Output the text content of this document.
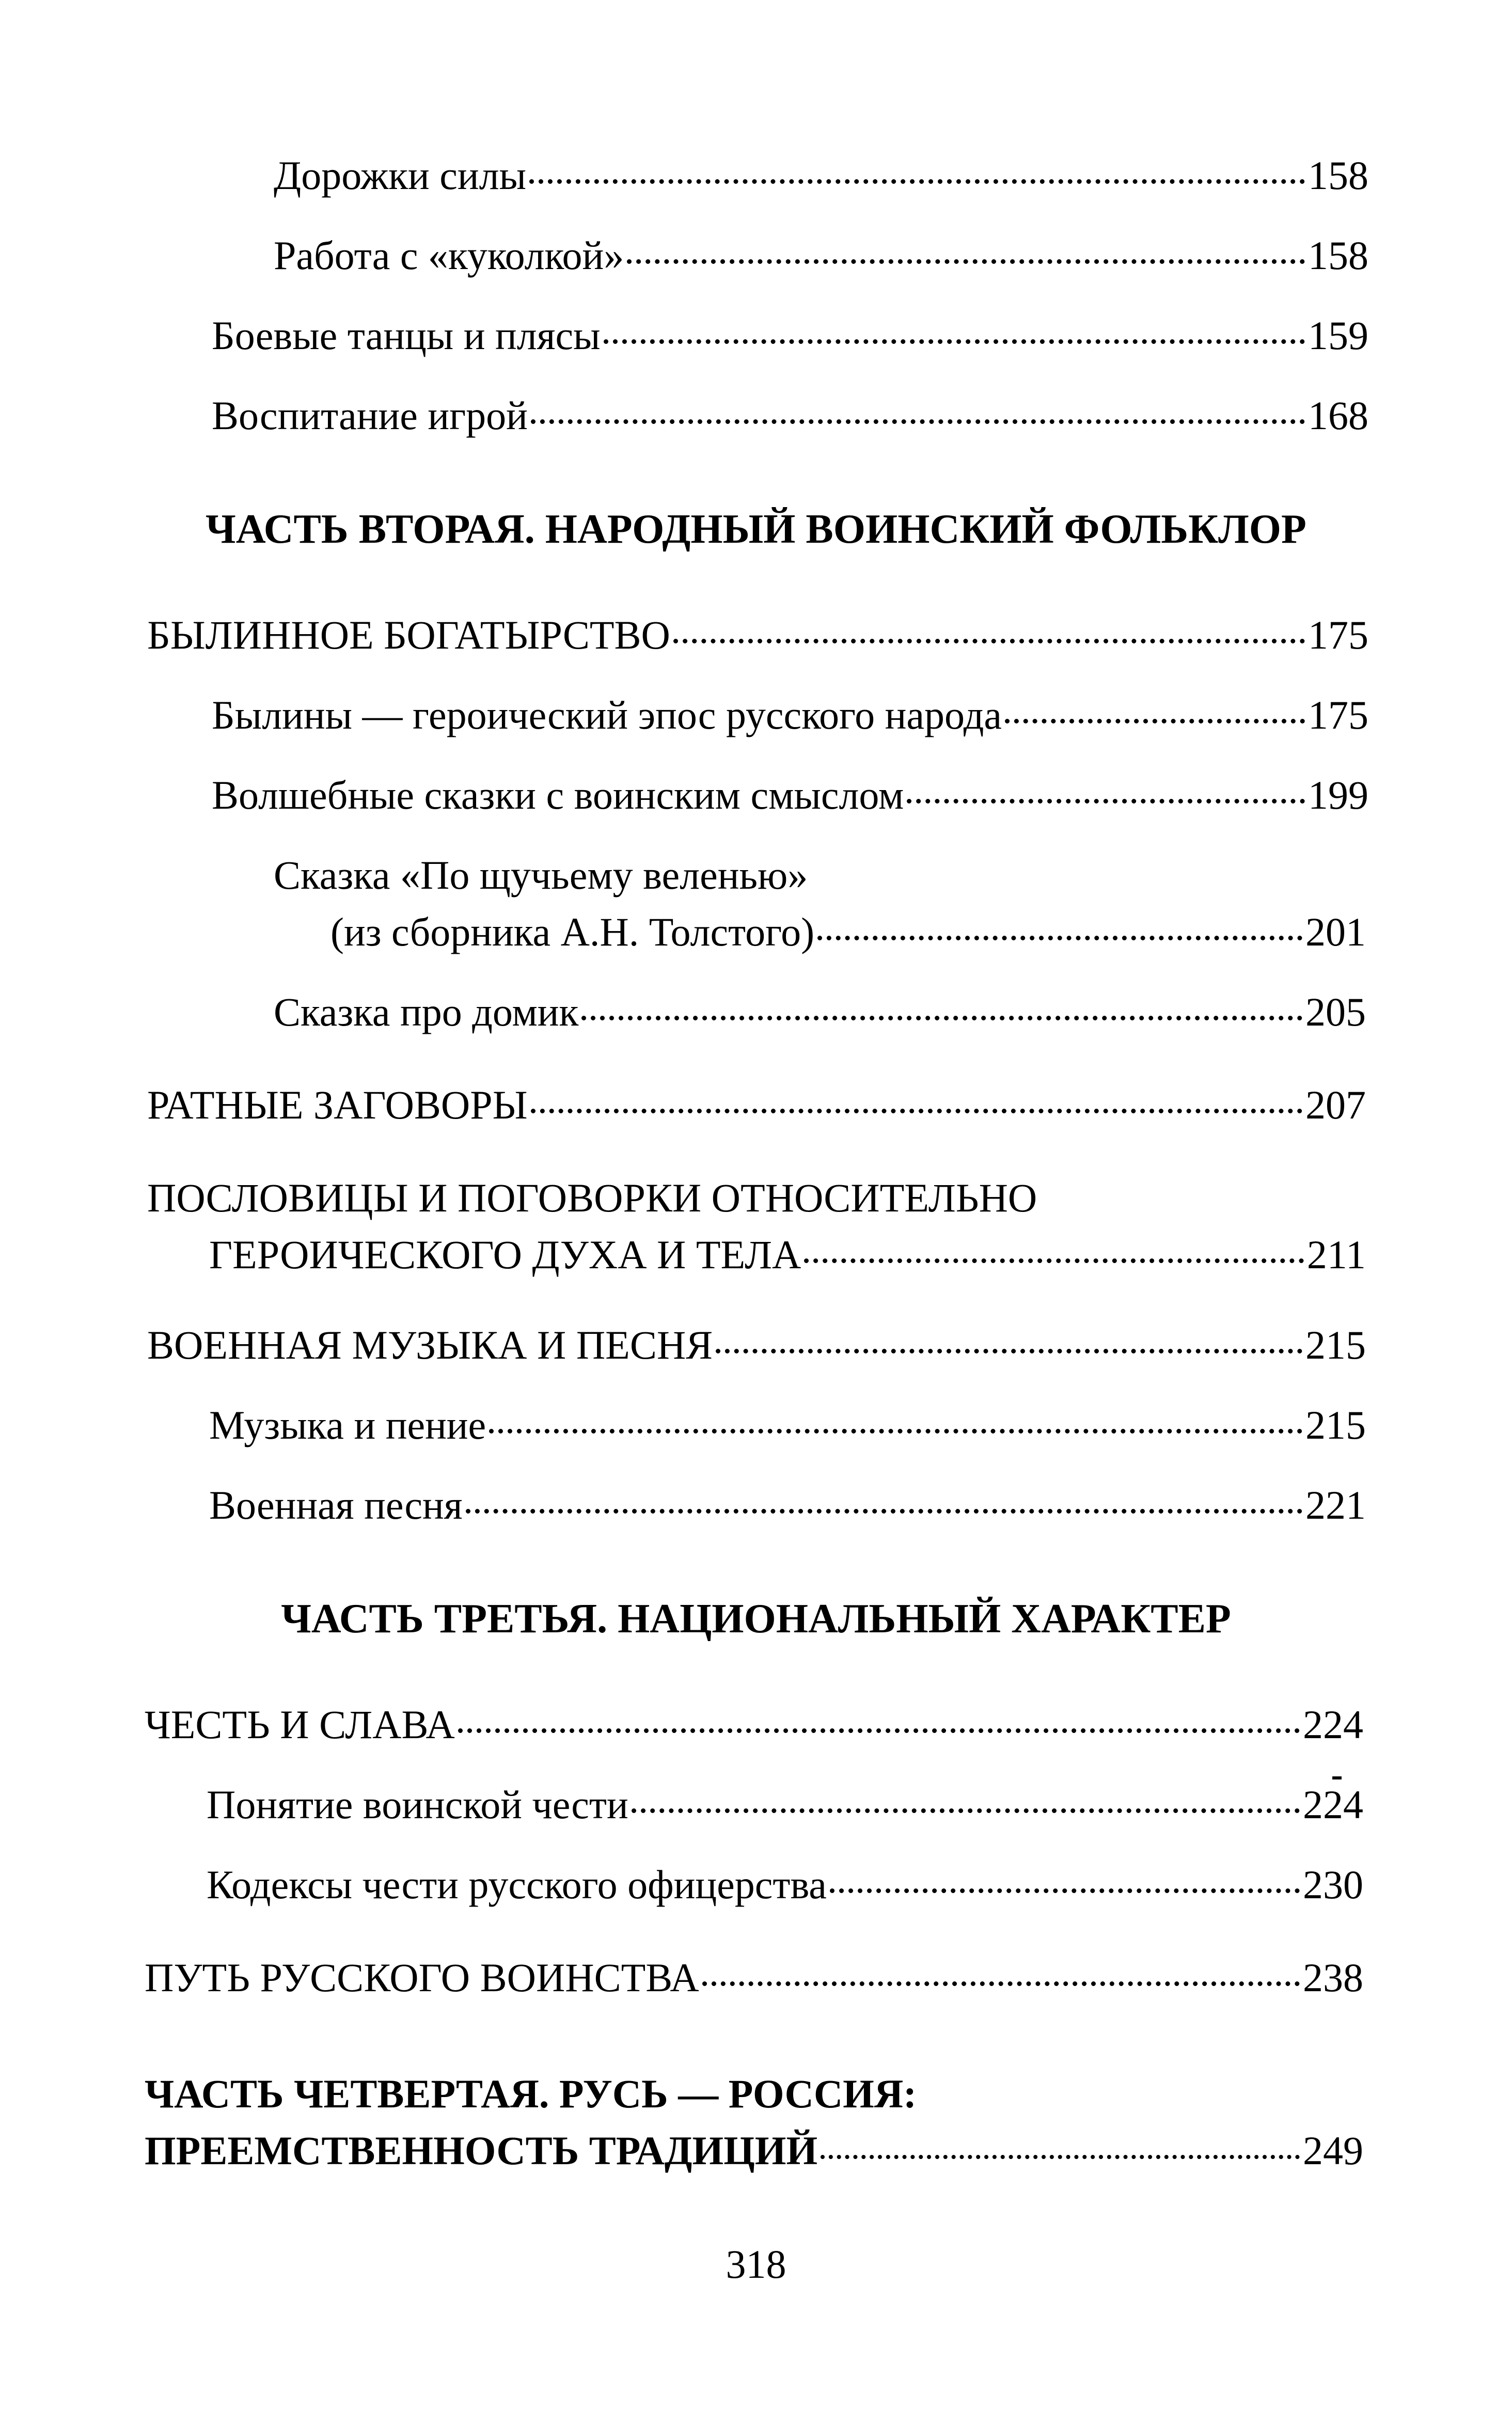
Дорожки силы	158
Работа с «куколкой»	158
Боевые танцы и плясы	159
Воспитание игрой	168
ЧАСТЬ ВТОРАЯ. НАРОДНЫЙ ВОИНСКИЙ ФОЛЬКЛОР
БЫЛИННОЕ БОГАТЫРСТВО	175
Былины — героический эпос русского народа	175
Волшебные сказки с воинским смыслом	199
Сказка «По щучьему веленью»
(из сборника А.Н. Толстого)	201
Сказка про домик	205
РАТНЫЕ ЗАГОВОРЫ	207
ПОСЛОВИЦЫ И ПОГОВОРКИ ОТНОСИТЕЛЬНО
ГЕРОИЧЕСКОГО ДУХА И ТЕЛА	211
ВОЕННАЯ МУЗЫКА И ПЕСНЯ	215
Музыка и пение	215
Военная песня	221
ЧАСТЬ ТРЕТЬЯ. НАЦИОНАЛЬНЫЙ ХАРАКТЕР
ЧЕСТЬ И СЛАВА	224
Понятие воинской чести	224
Кодексы чести русского офицерства	230
ПУТЬ РУССКОГО ВОИНСТВА	238
ЧАСТЬ ЧЕТВЕРТАЯ. РУСЬ — РОССИЯ:
ПРЕЕМСТВЕННОСТЬ ТРАДИЦИЙ	249
318
